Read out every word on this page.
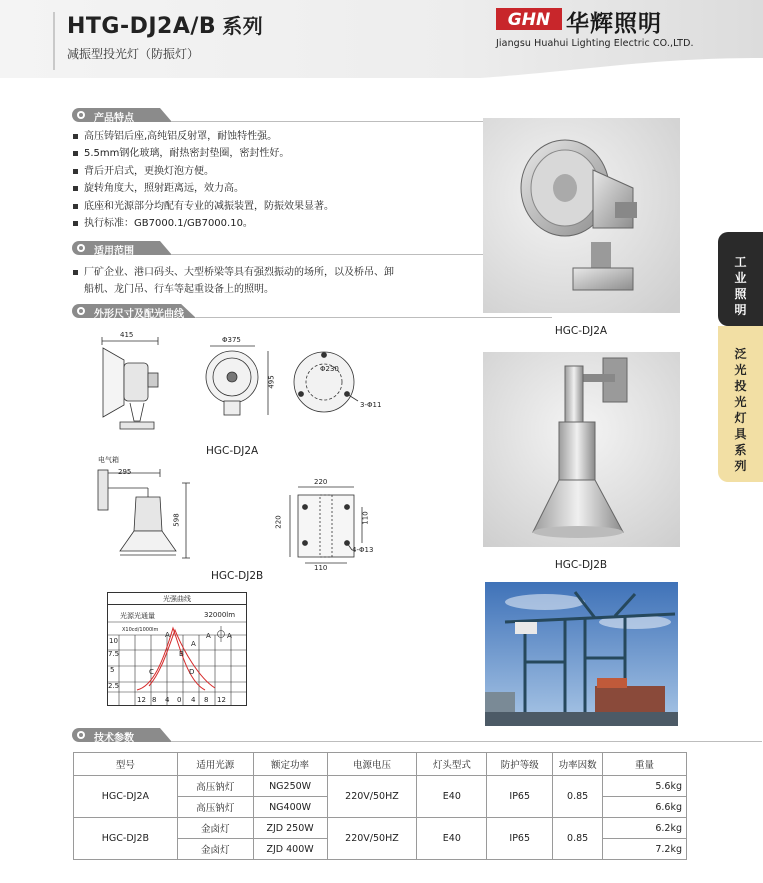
HTG-DJ2A/B 系列
减振型投光灯（防振灯）
GHN 华辉照明
Jiangsu Huahui Lighting Electric CO.,LTD.
产品特点
高压铸铝后座,高纯铝反射罩，耐蚀特性强。
5.5mm钢化玻璃，耐热密封垫圈，密封性好。
背后开启式，更换灯泡方便。
旋转角度大，照射距离远，效力高。
底座和光源部分均配有专业的减振装置，防振效果显著。
执行标准：GB7000.1/GB7000.10。
适用范围
厂矿企业、港口码头、大型桥梁等具有强烈振动的场所，以及桥吊、卸船机、龙门吊、行车等起重设备上的照明。
外形尺寸及配光曲线
415
Φ375
495
Φ230
3-Φ11
HGC-DJ2A
电气箱
295
598
HGC-DJ2B
220
220	110
110
4-Φ13
光强曲线
光源光通量	32000lm
X10cd/1000lm
10
7.5
5
2.5
12 8 4 0 4 8 12
A
A
B
C	D
A A
HGC-DJ2A
HGC-DJ2B
工业照明
泛光投光灯具系列
技术参数
型号	适用光源	额定功率	电源电压	灯头型式	防护等级	功率因数	重量
HGC-DJ2A	高压钠灯	NG250W	220V/50HZ	E40	IP65	0.85	5.6kg
	高压钠灯	NG400W					6.6kg
HGC-DJ2B	金卤灯	ZJD 250W	220V/50HZ	E40	IP65	0.85	6.2kg
	金卤灯	ZJD 400W					7.2kg
